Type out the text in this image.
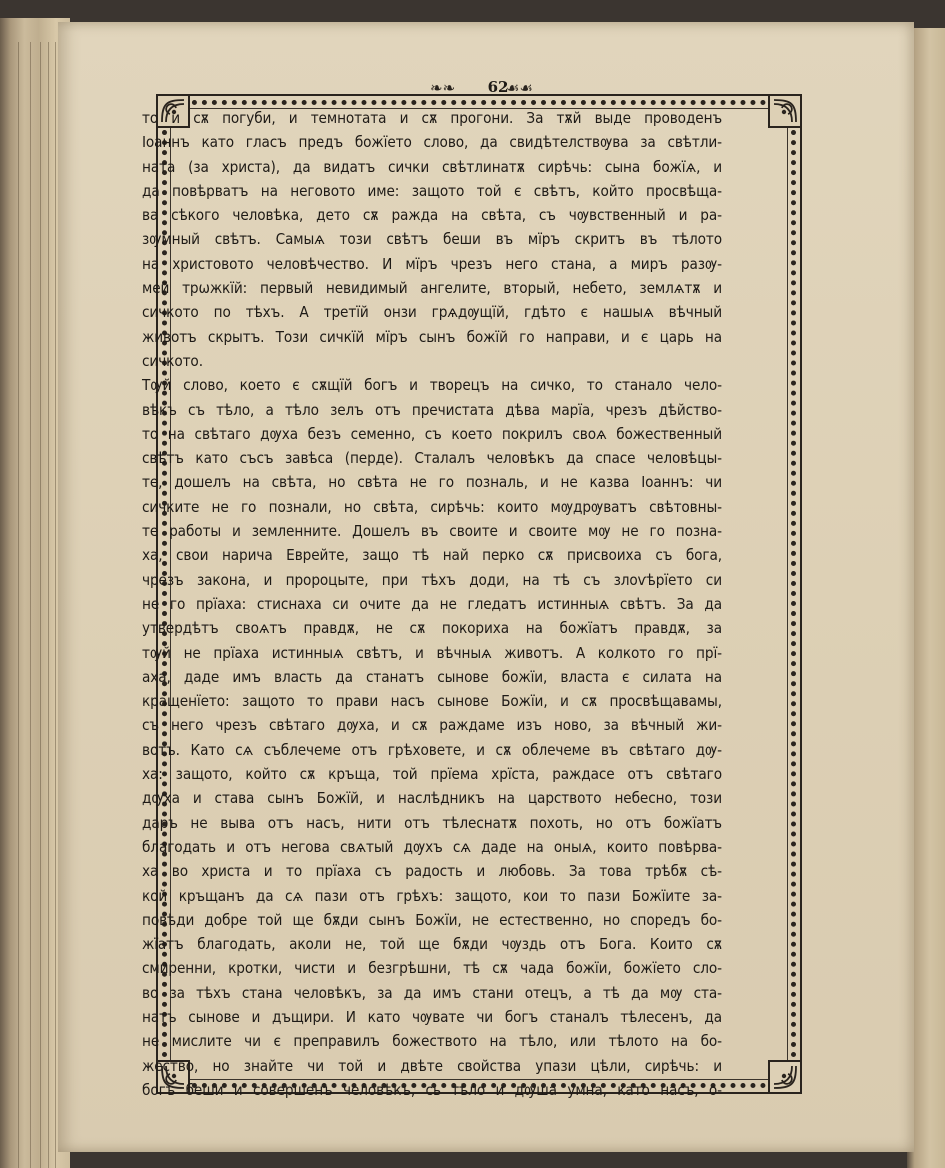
❧❧	62
☙☙
то и сѫ погуби, и темнотата и сѫ прогони. За тѫй выде проводенъ
Іоаннъ като гласъ предъ божїето слово, да свидѣтелствѹва за свѣтли-
ната (за христа), да видатъ сички свѣтлинатѫ сирѣчь: сына божїѧ, и
да повѣрватъ на неговото име: защото той є свѣтъ, който просвѣща-
ва сѣкого человѣка, дето сѫ ражда на свѣта, съ чѹвственный и ра-
зѹмный свѣтъ. Самыѧ този свѣтъ беши въ мїръ скритъ въ тѣлото
на христовото человѣчество. И мїръ чрезъ него стана, а миръ разѹ-
мей трѡжкїй: первый невидимый ангелите, вторый, небето, землѧтѫ и
сичкото по тѣхъ. А третїй онзи грѧдѹщїй, гдѣто є нашыѧ вѣчный
животъ скрытъ. Този сичкїй мїръ сынъ божїй го направи, и є царь на
сичкото.
Тѹй слово, което є сѫщїй богъ и творецъ на сичко, то станало чело-
вѣкъ съ тѣло, а тѣло зелъ отъ пречистата дѣва марїа, чрезъ дѣйство-
то на свѣтаго дѹха безъ семенно, съ което покрилъ своѧ божественный
свѣтъ като съсъ завѣса (перде). Сталалъ человѣкъ да спасе человѣцы-
те, дошелъ на свѣта, но свѣта не го позналь, и не казва Іоаннъ: чи
сичките не го познали, но свѣта, сирѣчь: които мѹдрѹватъ свѣтовны-
те работы и земленните. Дошелъ въ своите и своите мѹ не го позна-
ха, свои нарича Еврейте, защо тѣ най перко сѫ присвоиха съ бога,
чрезъ закона, и пророцыте, при тѣхъ доди, на тѣ съ злоѵѣрїето си
не го прїаха: стиснаха си очите да не гледатъ истинныѧ свѣтъ. За да
утвердѣтъ своѧтъ правдѫ, не сѫ покориха на божїатъ правдѫ, за
тѹй не прїаха истинныѧ свѣтъ, и вѣчныѧ животъ. А колкото го прї-
аха, даде имъ власть да станатъ сынове божїи, власта є силата на
кращенїето: защото то прави насъ сынове Божїи, и сѫ просвѣщавамы,
съ него чрезъ свѣтаго дѹха, и сѫ раждаме изъ ново, за вѣчный жи-
вотъ. Като сѧ съблечеме отъ грѣховете, и сѫ облечеме въ свѣтаго дѹ-
ха: защото, който сѫ кръща, той прїема хрїста, раждасе отъ свѣтаго
дѹха и става сынъ Божїй, и наслѣдникъ на царството небесно, този
даръ не выва отъ насъ, нити отъ тѣлеснатѫ похоть, но отъ божїатъ
благодать и отъ негова свѧтый дѹхъ сѧ даде на оныѧ, които повѣрва-
ха во христа и то прїаха съ радость и любовь. За това трѣбѫ сѣ-
кой кръщанъ да сѧ пази отъ грѣхъ: защото, кои то пази Божїите за-
повѣди добре той ще бѫди сынъ Божїи, не естественно, но споредъ бо-
жїатъ благодать, аколи не, той ще бѫди чѹздь отъ Бога. Които сѫ
смиренни, кротки, чисти и безгрѣшни, тѣ сѫ чада божїи, божїето сло-
во за тѣхъ стана человѣкъ, за да имъ стани отецъ, а тѣ да мѹ ста-
натъ сынове и дъщири. И като чѹвате чи богъ станалъ тѣлесенъ, да
не мислите чи є препpавилъ божеството на тѣло, или тѣлото на бо-
жество, но знайте чи той и двѣте свойства упази цѣли, сирѣчь: и
богъ беши и совершенъ человѣкъ, сь тѣло и дѹша умна, като насъ, о-
